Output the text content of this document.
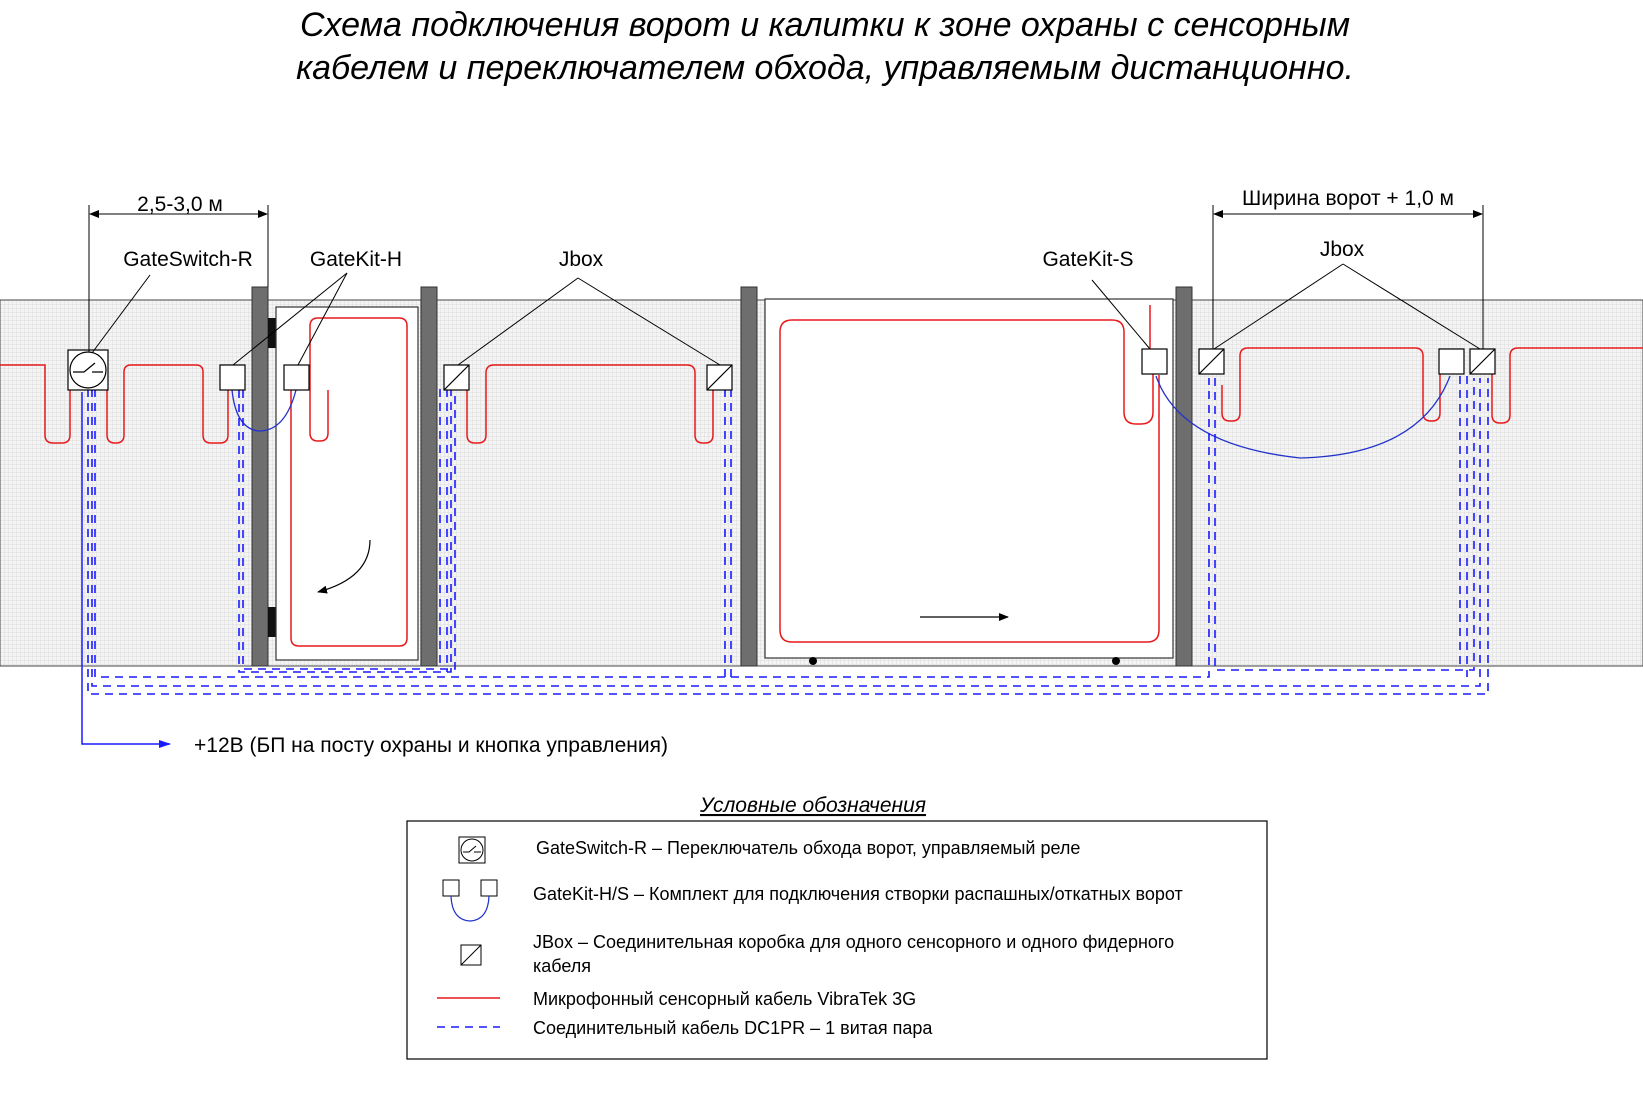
Схема подключения ворот и калитки к зоне охраны с сенсорным
кабелем и переключателем обхода, управляемым дистанционно.
2,5-3,0 м	Ширина ворот + 1,0 м
GateSwitch-R	GateKit-H	Jbox	GateKit-S	Jbox
+12В (БП на посту охраны и кнопка управления)
Условные обозначения
GateSwitch-R – Переключатель обхода ворот, управляемый реле
GateKit-H/S – Комплект для подключения створки распашных/откатных ворот
JBox – Соединительная коробка для одного сенсорного и одного фидерного
кабеля
Микрофонный сенсорный кабель VibraTek 3G
Соединительный кабель DC1PR – 1 витая пара
